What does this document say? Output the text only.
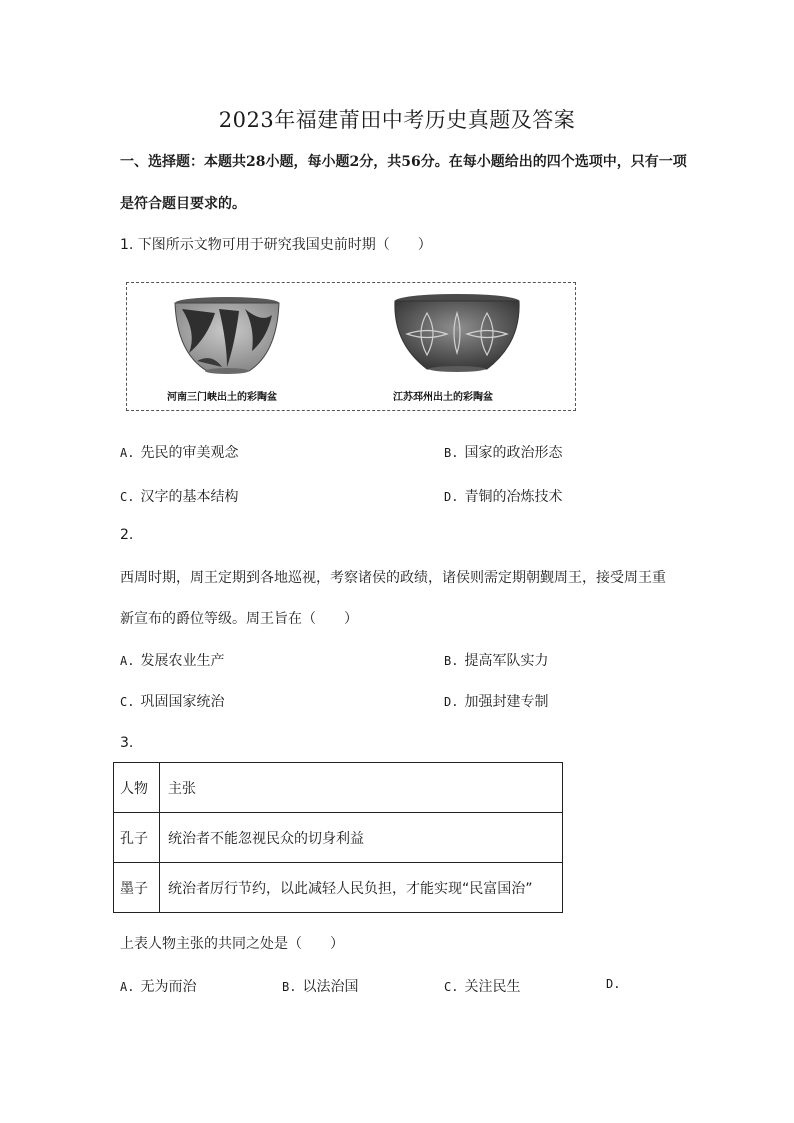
2023年福建莆田中考历史真题及答案
一、选择题：本题共28小题，每小题2分，共56分。在每小题给出的四个选项中，只有一项
是符合题目要求的。
1. 下图所示文物可用于研究我国史前时期（　　）
河南三门峡出土的彩陶盆	江苏邳州出土的彩陶盆
A. 先民的审美观念	B. 国家的政治形态
C. 汉字的基本结构	D. 青铜的冶炼技术
2.
西周时期，周王定期到各地巡视，考察诸侯的政绩，诸侯则需定期朝觐周王，接受周王重
新宣布的爵位等级。周王旨在（　　）
A. 发展农业生产	B. 提高军队实力
C. 巩固国家统治	D. 加强封建专制
3.
人物	主张
孔子	统治者不能忽视民众的切身利益
墨子	统治者厉行节约，以此减轻人民负担，才能实现“民富国治”
上表人物主张的共同之处是（　　）
A. 无为而治	B. 以法治国	C. 关注民生	D.
